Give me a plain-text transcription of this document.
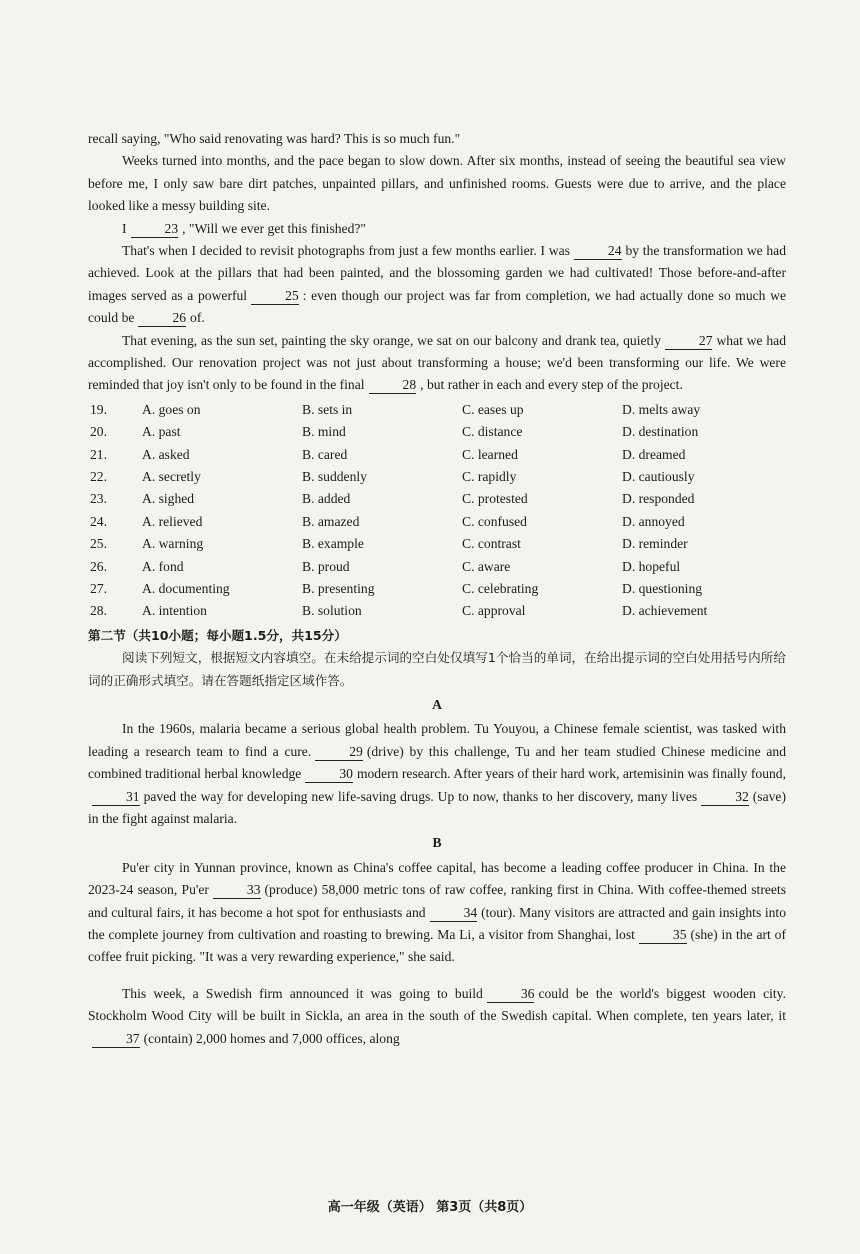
recall saying, "Who said renovating was hard? This is so much fun."

Weeks turned into months, and the pace began to slow down. After six months, instead of seeing the beautiful sea view before me, I only saw bare dirt patches, unpainted pillars, and unfinished rooms. Guests were due to arrive, and the place looked like a messy building site.

I	23 , "Will we ever get this finished?"

That's when I decided to revisit photographs from just a few months earlier. I was	24 by the transformation we had achieved. Look at the pillars that had been painted, and the blossoming garden we had cultivated! Those before-and-after images served as a powerful	25 : even though our project was far from completion, we had actually done so much we could be	26 of.

That evening, as the sun set, painting the sky orange, we sat on our balcony and drank tea, quietly	27 what we had accomplished. Our renovation project was not just about transforming a house; we'd been transforming our life. We were reminded that joy isn't only to be found in the final	28 , but rather in each and every step of the project.

19.	A. goes on	B. sets in	C. eases up	D. melts away
20.	A. past	B. mind	C. distance	D. destination
21.	A. asked	B. cared	C. learned	D. dreamed
22.	A. secretly	B. suddenly	C. rapidly	D. cautiously
23.	A. sighed	B. added	C. protested	D. responded
24.	A. relieved	B. amazed	C. confused	D. annoyed
25.	A. warning	B. example	C. contrast	D. reminder
26.	A. fond	B. proud	C. aware	D. hopeful
27.	A. documenting	B. presenting	C. celebrating	D. questioning
28.	A. intention	B. solution	C. approval	D. achievement

第二节（共10小题；每小题1.5分，共15分）

阅读下列短文，根据短文内容填空。在未给提示词的空白处仅填写1个恰当的单词，在给出提示词的空白处用括号内所给词的正确形式填空。请在答题纸指定区域作答。

A

In the 1960s, malaria became a serious global health problem. Tu Youyou, a Chinese female scientist, was tasked with leading a research team to find a cure.	29 (drive) by this challenge, Tu and her team studied Chinese medicine and combined traditional herbal knowledge	30 modern research. After years of their hard work, artemisinin was finally found,31 paved the way for developing new life-saving drugs. Up to now, thanks to her discovery, many lives	32 (save) in the fight against malaria.

B

Pu'er city in Yunnan province, known as China's coffee capital, has become a leading coffee producer in China. In the 2023-24 season, Pu'er	33 (produce) 58,000 metric tons of raw coffee, ranking first in China. With coffee-themed streets and cultural fairs, it has become a hot spot for enthusiasts and	34 (tour). Many visitors are attracted and gain insights into the complete journey from cultivation and roasting to brewing. Ma Li, a visitor from Shanghai, lost	35 (she) in the art of coffee fruit picking. "It was a very rewarding experience," she said.

This week, a Swedish firm announced it was going to build	36 could be the world's biggest wooden city. Stockholm Wood City will be built in Sickla, an area in the south of the Swedish capital. When complete, ten years later, it37 (contain) 2,000 homes and 7,000 offices, along

高一年级（英语） 第3页（共8页）
